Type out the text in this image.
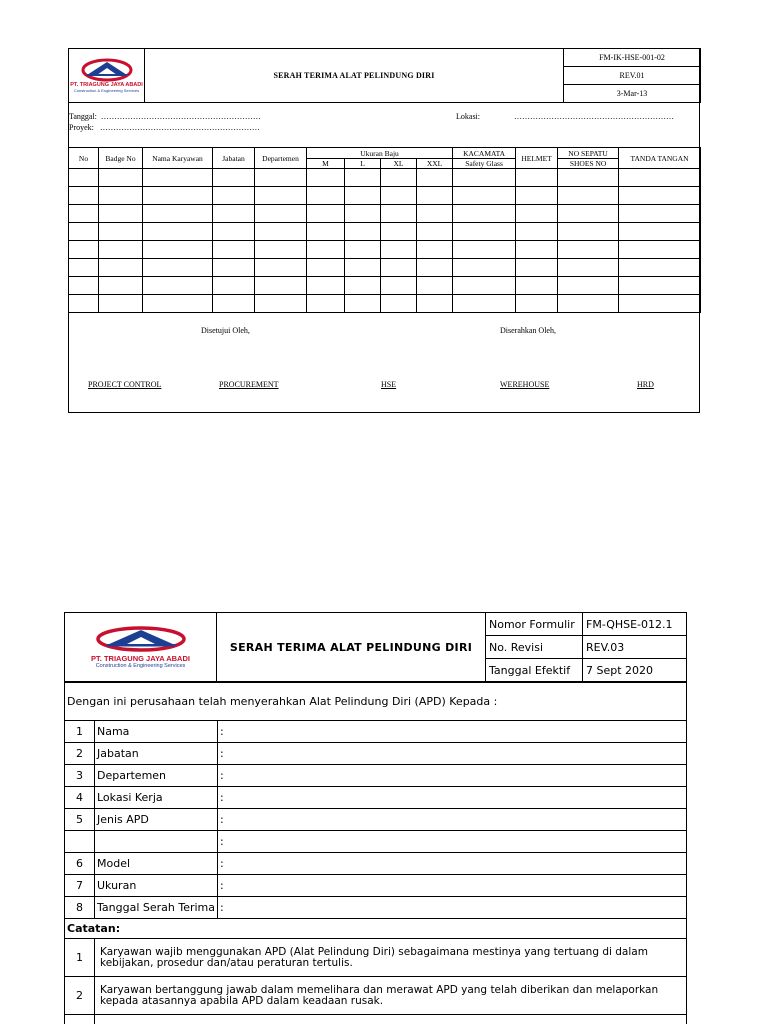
PT. TRIAGUNG JAYA ABADI
Construction & Engineering Services
	SERAH TERIMA ALAT PELINDUNG DIRI	FM-IK-HSE-001-02
REV.01
3-Mar-13
Tanggal: ……………………………………………………
Proyek: ……………………………………………………
Lokasi:	……………………………………………………
No	Badge No	Nama Karyawan	Jabatan	Departemen	Ukuran Baju				KACAMATA	HELMET	NO SEPATU	TANDA TANGAN
					M	L	XL	XXL	Safety Glass		SHOES NO	

Disetujui Oleh,	Diserahkan Oleh,
PROJECT CONTROL	PROCUREMENT	HSE	WEREHOUSE	HRD
PT. TRIAGUNG JAYA ABADI
Construction & Engineering Services	SERAH TERIMA ALAT PELINDUNG DIRI	Nomor Formulir	FM-QHSE-012.1
		No. Revisi	REV.03
		Tanggal Efektif	7 Sept 2020
Dengan ini perusahaan telah menyerahkan Alat Pelindung Diri (APD) Kepada :		
1	Nama	:
2	Jabatan	:
3	Departemen	:
4	Lokasi Kerja	:
5	Jenis APD	:
		:
6	Model	:
7	Ukuran	:
8	Tanggal Serah Terima	:
Catatan:		
1	Karyawan wajib menggunakan APD (Alat Pelindung Diri) sebagaimana mestinya yang tertuang di dalam kebijakan, prosedur dan/atau peraturan tertulis.	
2	Karyawan bertanggung jawab dalam memelihara dan merawat APD yang telah diberikan dan melaporkan kepada atasannya apabila APD dalam keadaan rusak.	
